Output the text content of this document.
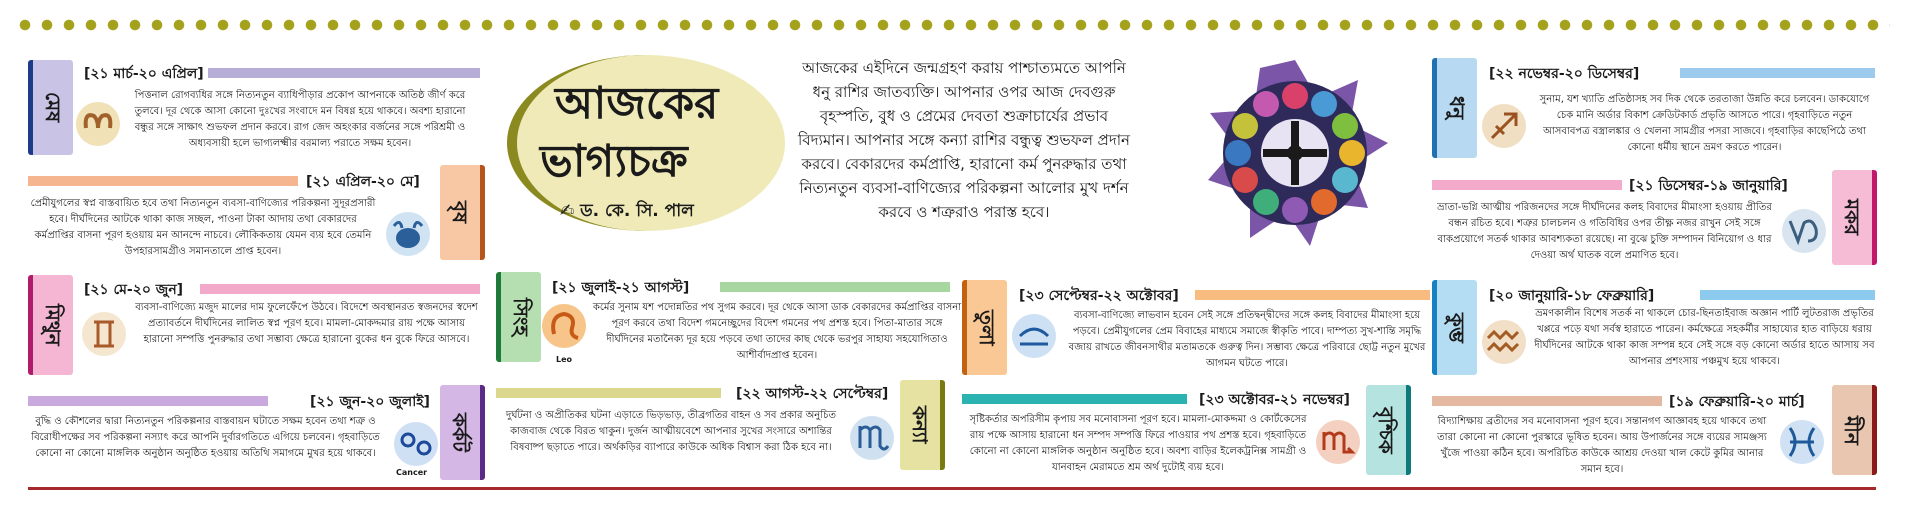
আজকের
ভাগ্যচক্র
✍ ড. কে. সি. পাল
আজকের এইদিনে জন্মগ্রহণ করায় পাশ্চাত্যমতে আপনি ধনু রাশির জাতব্যক্তি। আপনার ওপর আজ দেবগুরু বৃহস্পতি, বুধ ও প্রেমের দেবতা শুক্রাচার্যের প্রভাব বিদ্যমান। আপনার সঙ্গে কন্যা রাশির বন্ধুত্ব শুভফল প্রদান করবে। বেকারদের কর্মপ্রাপ্তি, হারানো কর্ম পুনরুদ্ধার তথা নিত্যনতুন ব্যবসা-বাণিজ্যের পরিকল্পনা আলোর মুখ দর্শন করবে ও শত্রুরাও পরাস্ত হবে।
মেষ
[২১ মার্চ-২০ এপ্রিল]
পিত্তনাল রোগব্যধির সঙ্গে নিত্যনতুন ব্যাধিপীড়ার প্রকোপ আপনাকে অতিষ্ঠ জীর্ণ করে তুলবে। দূর থেকে আসা কোনো দুঃখের সংবাদে মন বিষণ্ণ হয়ে থাকবে। অবশ্য হারানো বন্ধুর সঙ্গে সাক্ষাৎ শুভফল প্রদান করবে। রাগ জেদ অহংকার বর্জনের সঙ্গে পরিশ্রমী ও অধ্যবসায়ী হলে ভাগ্যলক্ষ্মীর বরমাল্য পরাতে সক্ষম হবেন।
বৃষ
[২১ এপ্রিল-২০ মে]
প্রেমীযুগলের স্বপ্ন বাস্তবায়িত হবে তথা নিত্যনতুন ব্যবসা-বাণিজ্যের পরিকল্পনা সুদূরপ্রসারী হবে। দীর্ঘদিনের আটকে থাকা কাজ সচ্ছল, পাওনা টাকা আদায় তথা বেকারদের কর্মপ্রাপ্তির বাসনা পূরণ হওয়ায় মন আনন্দে নাচবে। লৌকিকতায় যেমন ব্যয় হবে তেমনি উপহারসামগ্রীও সমানতালে প্রাপ্ত হবেন।
মিথুন
[২১ মে-২০ জুন]
ব্যবসা-বাণিজ্যে মজুদ মালের দাম ফুলেফেঁপে উঠবে। বিদেশে অবস্থানরত স্বজনদের স্বদেশ প্রত্যাবর্তনে দীর্ঘদিনের লালিত স্বপ্ন পূরণ হবে। মামলা-মোকদ্দমার রায় পক্ষে আসায় হারানো সম্পত্তি পুনরুদ্ধার তথা সম্ভাব্য ক্ষেত্রে হারানো বুকের ধন বুকে ফিরে আসবে।
কর্কট
[২১ জুন-২০ জুলাই]
Cancer
বুদ্ধি ও কৌশলের দ্বারা নিত্যনতুন পরিকল্পনার বাস্তবায়ন ঘটাতে সক্ষম হবেন তথা শত্রু ও বিরোধীপক্ষের সব পরিকল্পনা নস্যাৎ করে আপনি দুর্বারগতিতে এগিয়ে চলবেন। গৃহবাড়িতে কোনো না কোনো মাঙ্গলিক অনুষ্ঠান অনুষ্ঠিত হওয়ায় অতিথি সমাগমে মুখর হয়ে থাকবে।
সিংহ
[২১ জুলাই-২১ আগস্ট]
Leo
কর্মের সুনাম যশ পদোন্নতির পথ সুগম করবে। দূর থেকে আসা ডাক বেকারদের কর্মপ্রাপ্তির বাসনা পূরণ করবে তথা বিদেশ গমনেচ্ছুদের বিদেশ গমনের পথ প্রশস্ত হবে। পিতা-মাতার সঙ্গে দীর্ঘদিনের মতানৈক্য দূর হয়ে পড়বে তথা তাদের কাছ থেকে ভরপুর সাহায্য সহযোগিতাও আশীর্বাদপ্রাপ্ত হবেন।
কন্যা
[২২ আগস্ট-২২ সেপ্টেম্বর]
দুর্ঘটনা ও অপ্রীতিকর ঘটনা এড়াতে ভিড়ভাড়, তীব্রগতির বাহন ও সব প্রকার অনুচিত কাজবাজ থেকে বিরত থাকুন। দুর্জন আত্মীয়বেশে আপনার সুখের সংসারে অশান্তির বিষবাষ্প ছড়াতে পারে। অর্থকড়ির ব্যাপারে কাউকে অধিক বিশ্বাস করা ঠিক হবে না।
তুলা
[২৩ সেপ্টেম্বর-২২ অক্টোবর]
ব্যবসা-বাণিজ্যে লাভবান হবেন সেই সঙ্গে প্রতিদ্বন্দ্বীদের সঙ্গে কলহ বিবাদের মীমাংসা হয়ে পড়বে। প্রেমীযুগলের প্রেম বিবাহের মাধ্যমে সমাজে স্বীকৃতি পাবে। দাম্পত্য সুখ-শান্তি সমৃদ্ধি বজায় রাখতে জীবনসাথীর মতামতকে গুরুত্ব দিন। সম্ভাব্য ক্ষেত্রে পরিবারে ছোট্ট নতুন মুখের আগমন ঘটতে পারে।
বৃশ্চিক
[২৩ অক্টোবর-২১ নভেম্বর]
সৃষ্টিকর্তার অপরিসীম কৃপায় সব মনোবাসনা পূরণ হবে। মামলা-মোকদ্দমা ও কোর্টকেসের রায় পক্ষে আসায় হারানো ধন সম্পদ সম্পত্তি ফিরে পাওয়ার পথ প্রশস্ত হবে। গৃহবাড়িতে কোনো না কোনো মাঙ্গলিক অনুষ্ঠান অনুষ্ঠিত হবে। অবশ্য বাড়ির ইলেকট্রনিক্স সামগ্রী ও যানবাহন মেরামতে শ্রম অর্থ দুটোই ব্যয় হবে।
ধনু
[২২ নভেম্বর-২০ ডিসেম্বর]
সুনাম, যশ খ্যাতি প্রতিষ্ঠাসহ সব দিক থেকে তরতাজা উন্নতি করে চলবেন। ডাকযোগে চেক মানি অর্ডার বিকাশ ক্রেডিটকার্ড প্রভৃতি আসতে পারে। গৃহবাড়িতে নতুন আসবাবপত্র বস্ত্রালঙ্কার ও খেলনা সামগ্রীর পসরা সাজবে। গৃহবাড়ির কাছেপিঠে তথা কোনো ধর্মীয় স্থানে ভ্রমণ করতে পারেন।
মকর
[২১ ডিসেম্বর-১৯ জানুয়ারি]
ভ্রাতা-ভগ্নি আত্মীয় পরিজনদের সঙ্গে দীর্ঘদিনের কলহ বিবাদের মীমাংসা হওয়ায় প্রীতির বন্ধন রচিত হবে। শত্রুর চালচলন ও গতিবিধির ওপর তীক্ষ্ণ নজর রাখুন সেই সঙ্গে বাকপ্রয়োগে সতর্ক থাকার আবশ্যকতা রয়েছে। না বুঝে চুক্তি সম্পাদন বিনিয়োগ ও ধার দেওয়া অর্থ ঘাতক বলে প্রমাণিত হবে।
কুম্ভ
[২০ জানুয়ারি-১৮ ফেব্রুয়ারি]
ভ্রমণকালীন বিশেষ সতর্ক না থাকলে চোর-ছিনতাইবাজ অজ্ঞান পার্টি লুটতরাজ প্রভৃতির খপ্পরে পড়ে যথা সর্বস্ব হারাতে পারেন। কর্মক্ষেত্রে সহকর্মীর সাহায্যের হাত বাড়িয়ে ধরায় দীর্ঘদিনের আটকে থাকা কাজ সম্পন্ন হবে সেই সঙ্গে বড় কোনো অর্ডার হাতে আসায় সব আপনার প্রশংসায় পঞ্চমুখ হয়ে থাকবে।
মীন
[১৯ ফেব্রুয়ারি-২০ মার্চ]
বিদ্যাশিক্ষায় ব্রতীদের সব মনোবাসনা পূরণ হবে। সন্তানগণ আজ্ঞাবহ হয়ে থাকবে তথা তারা কোনো না কোনো পুরস্কারে ভূষিত হবেন। আয় উপার্জনের সঙ্গে ব্যয়ের সামঞ্জস্য খুঁজে পাওয়া কঠিন হবে। অপরিচিত কাউকে আশ্রয় দেওয়া খাল কেটে কুমির আনার সমান হবে।
